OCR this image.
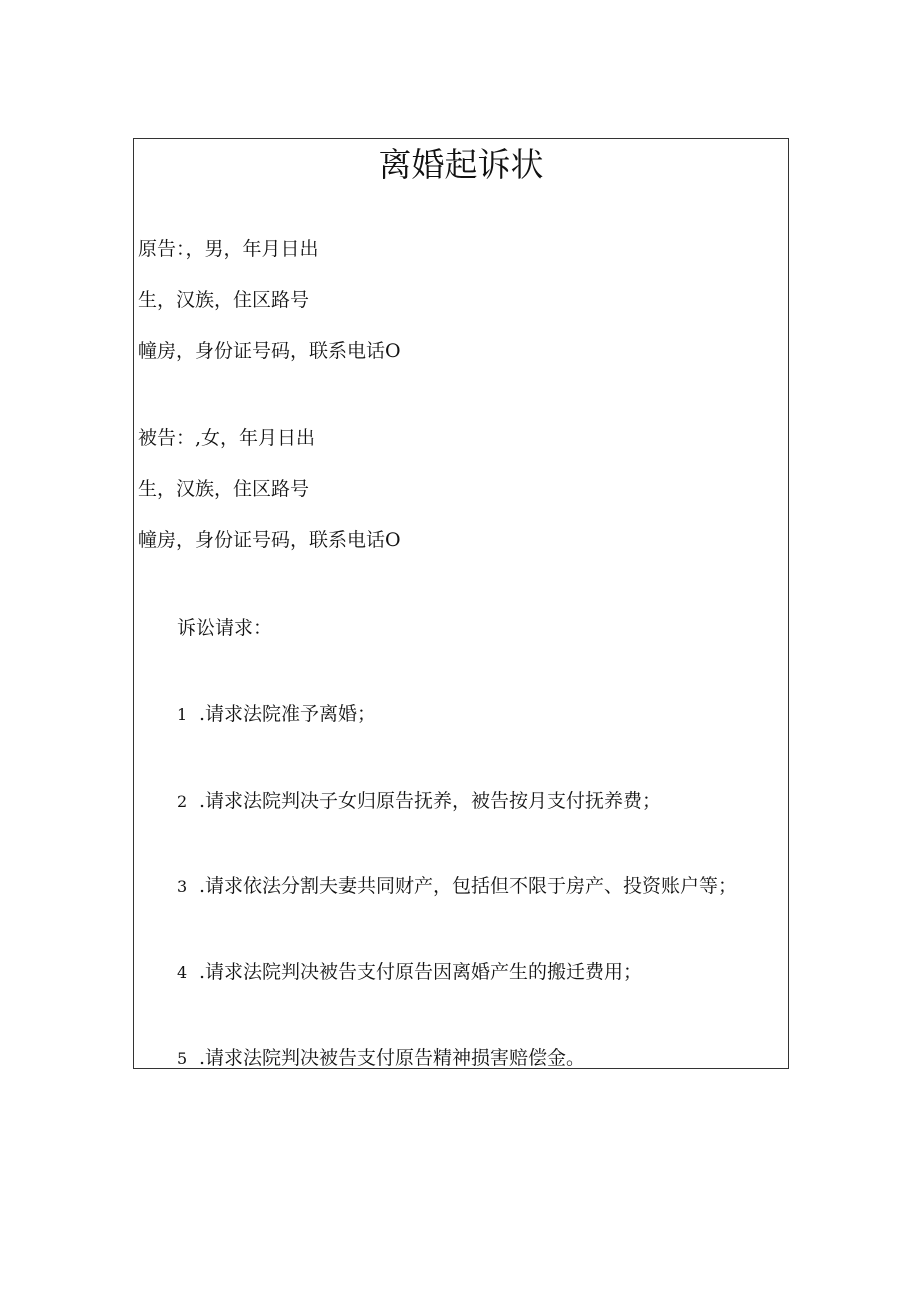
离婚起诉状
原告：，男，年月日出
生，汉族，住区路号
幢房，身份证号码，联系电话O
被告：,女，年月日出
生，汉族，住区路号
幢房，身份证号码，联系电话O
诉讼请求：
1 .请求法院准予离婚；
2 .请求法院判决子女归原告抚养，被告按月支付抚养费；
3 .请求依法分割夫妻共同财产，包括但不限于房产、投资账户等；
4 .请求法院判决被告支付原告因离婚产生的搬迁费用；
5 .请求法院判决被告支付原告精神损害赔偿金。
